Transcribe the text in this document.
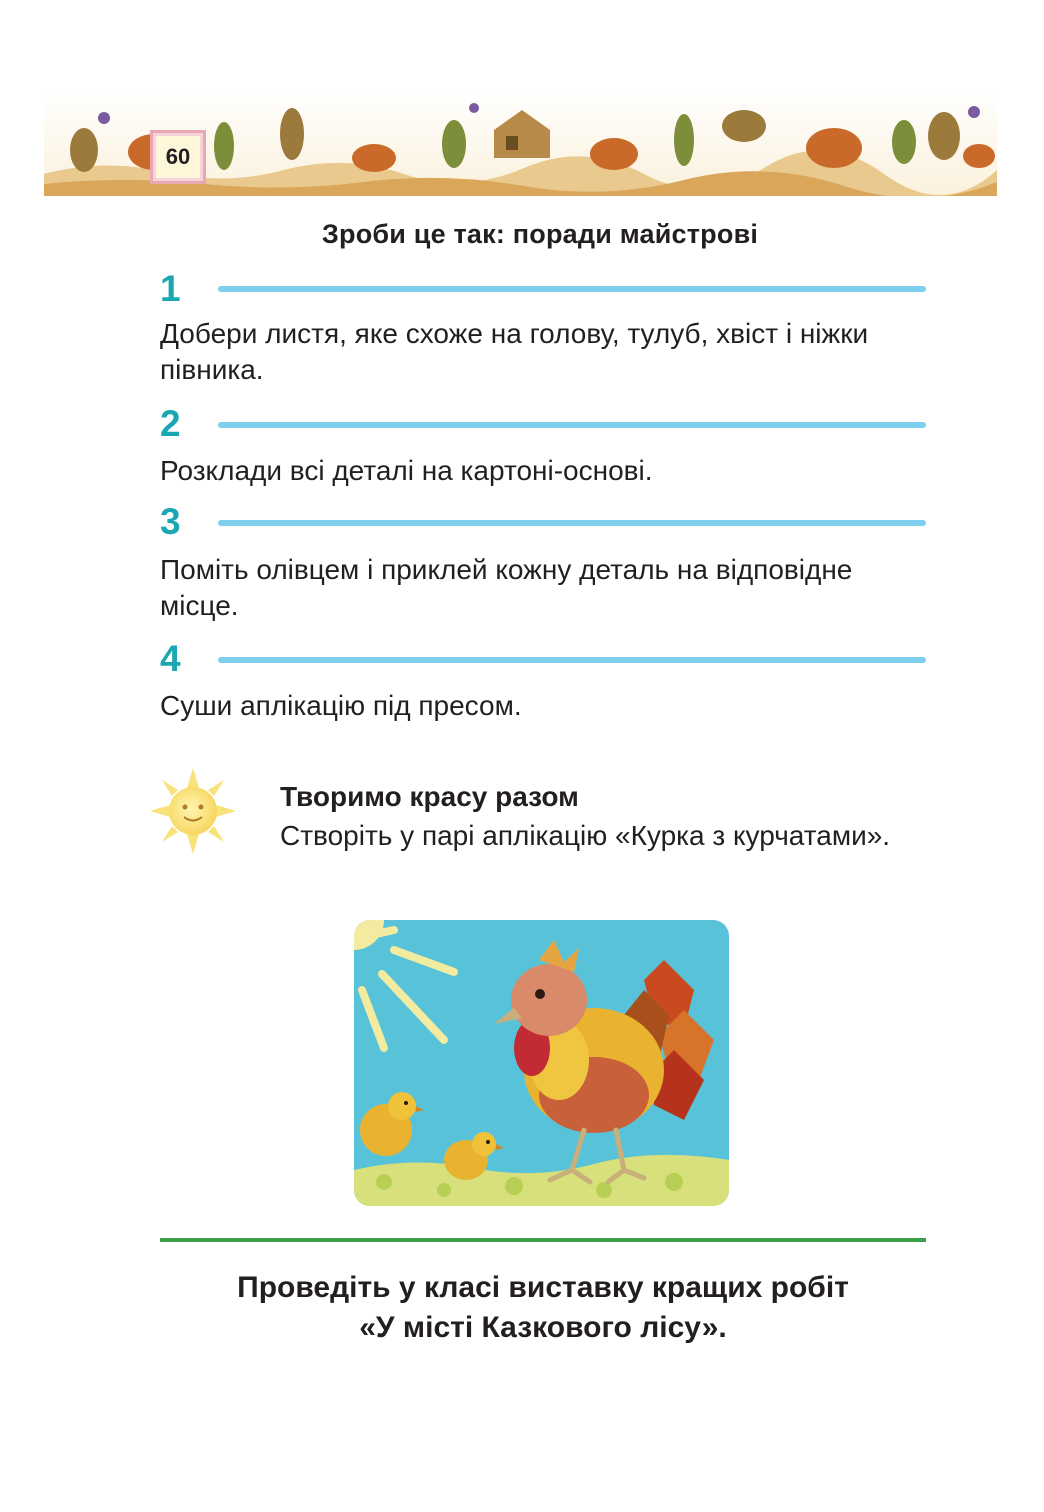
60
Зроби це так: поради майстрові
1
Добери листя, яке схоже на голову, тулуб, хвіст і ніжки півника.
2
Розклади всі деталі на картоні-основі.
3
Поміть олівцем і приклей кожну деталь на відповідне місце.
4
Суши аплікацію під пресом.
Творимо красу разом
Створіть у парі аплікацію «Курка з курчатами».
Проведіть у класі виставку кращих робіт
«У місті Казкового лісу».
